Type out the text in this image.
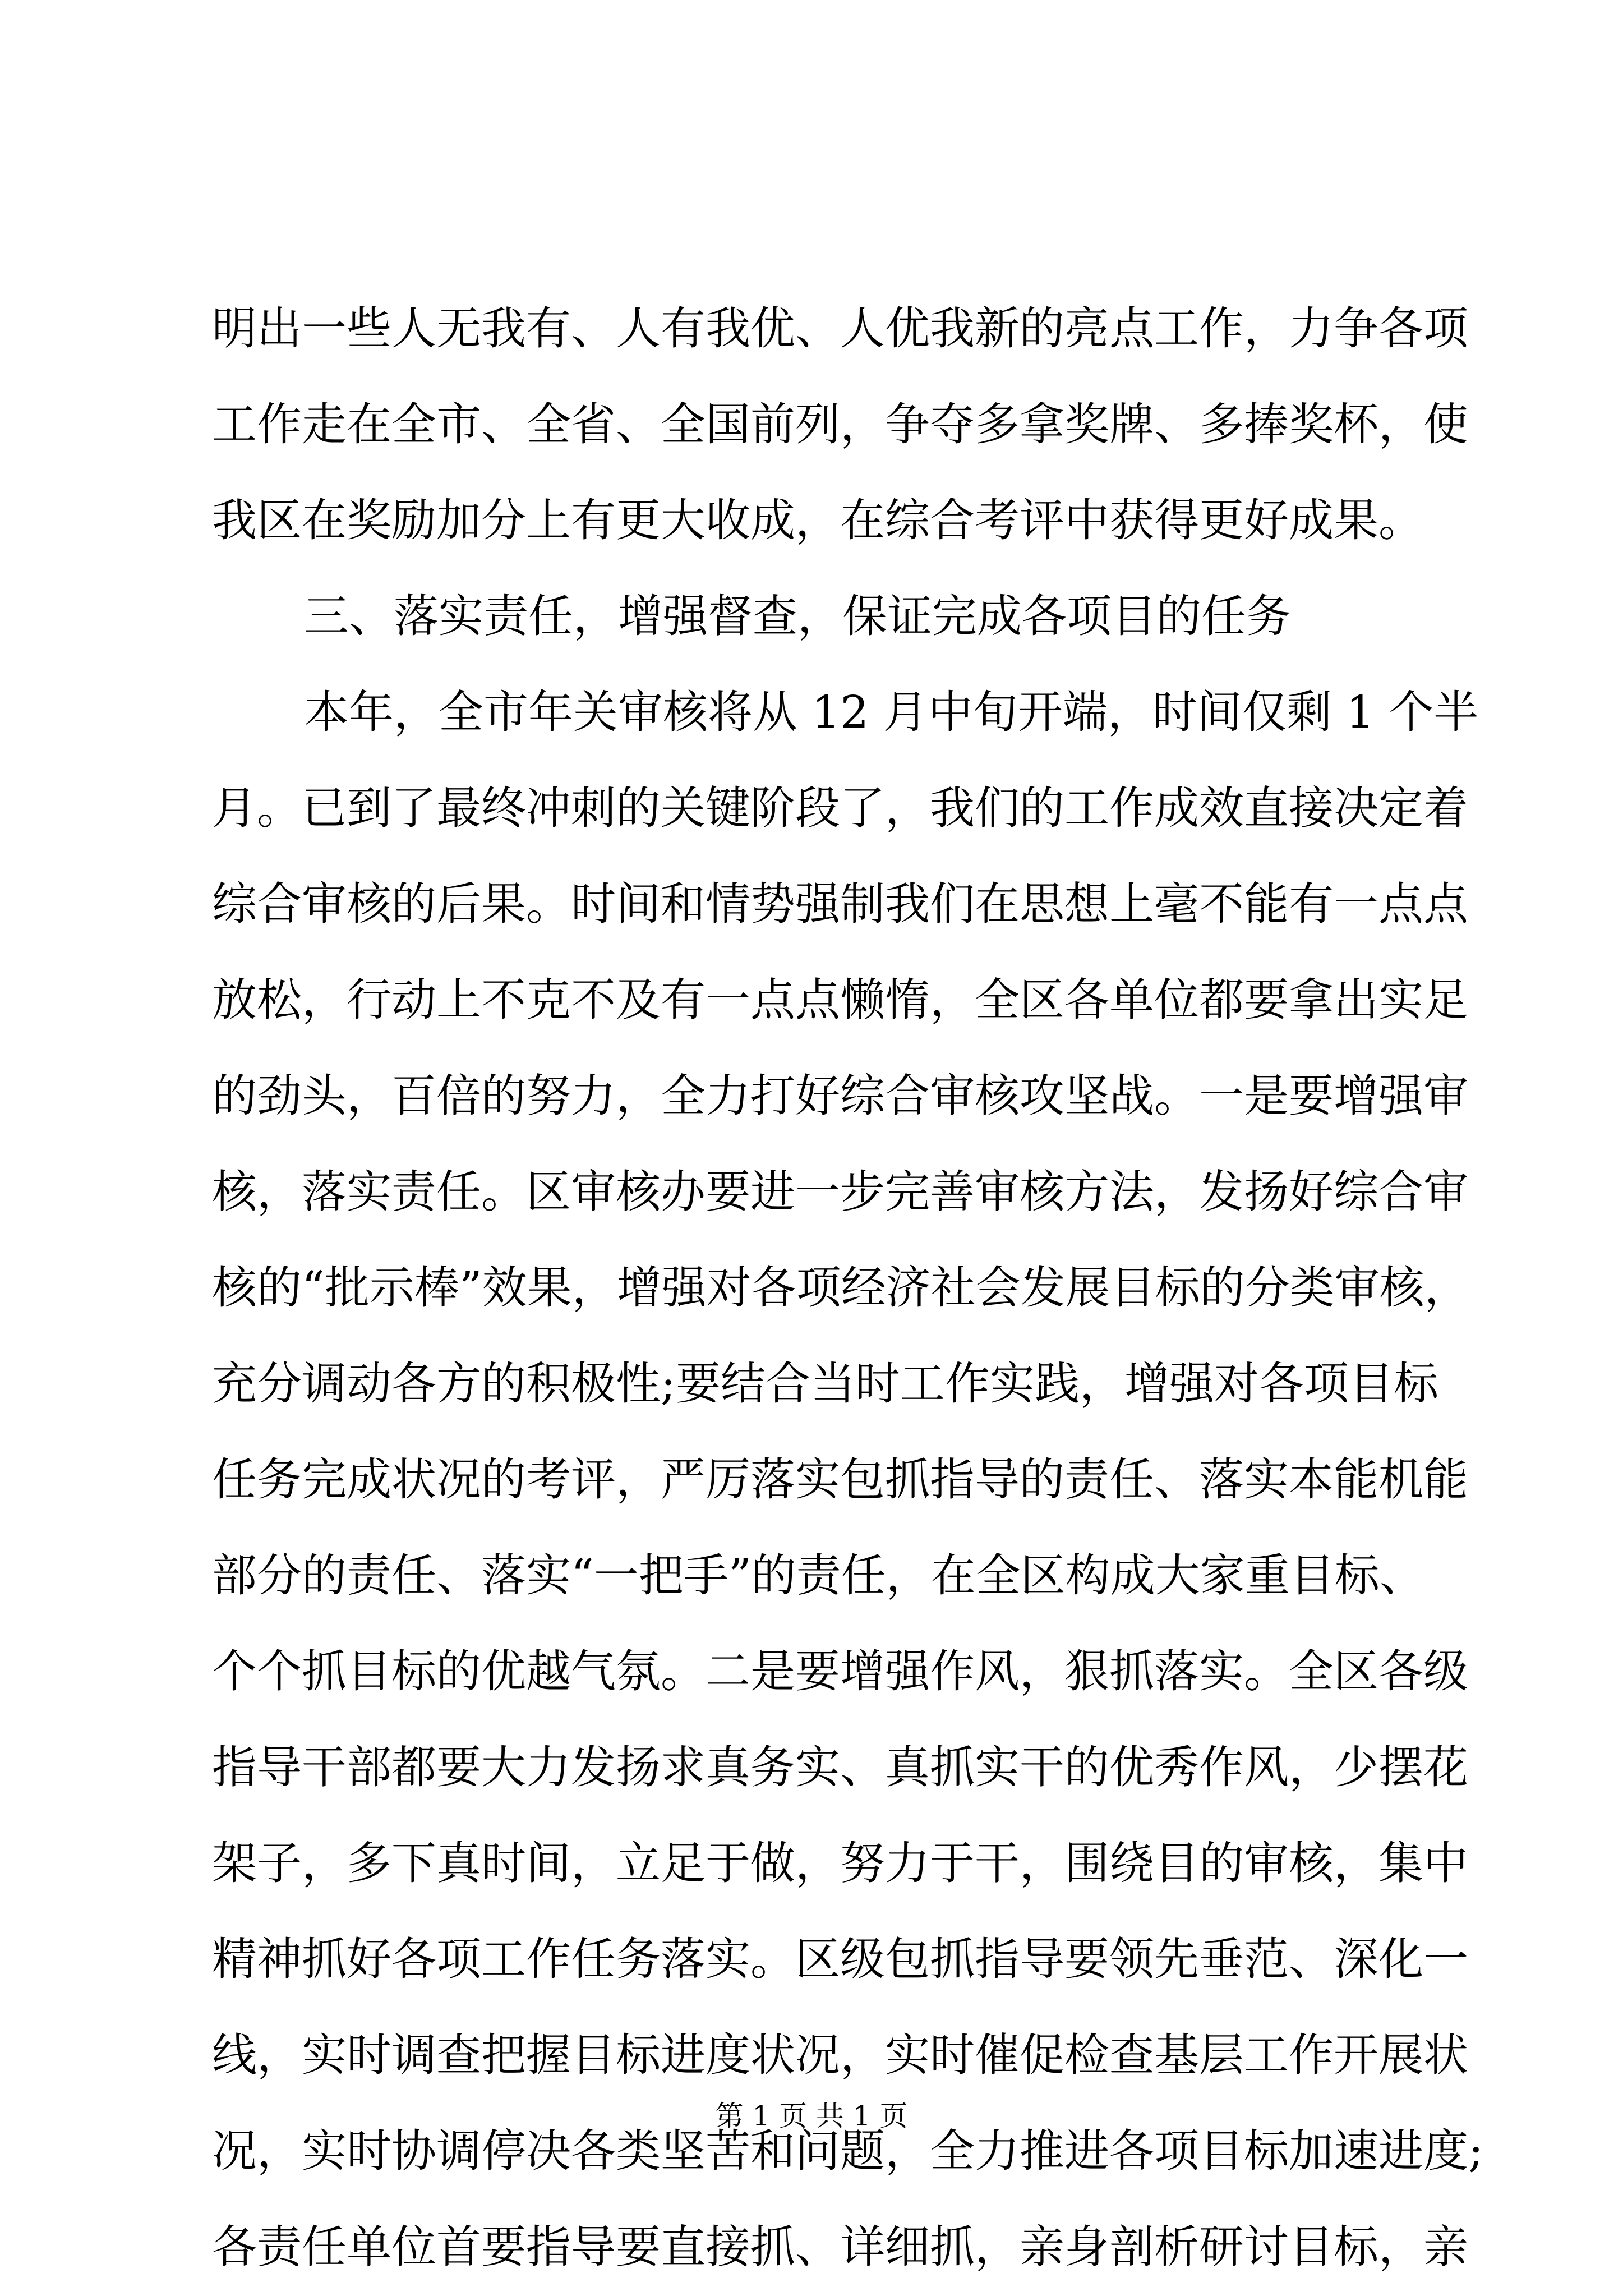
明出一些人无我有、人有我优、人优我新的亮点工作，力争各项
工作走在全市、全省、全国前列，争夺多拿奖牌、多捧奖杯，使
我区在奖励加分上有更大收成，在综合考评中获得更好成果。
三、落实责任，增强督查，保证完成各项目的任务
本年，全市年关审核将从 12 月中旬开端，时间仅剩 1 个半
月。已到了最终冲刺的关键阶段了，我们的工作成效直接决定着
综合审核的后果。时间和情势强制我们在思想上毫不能有一点点
放松，行动上不克不及有一点点懒惰，全区各单位都要拿出实足
的劲头，百倍的努力，全力打好综合审核攻坚战。一是要增强审
核，落实责任。区审核办要进一步完善审核方法，发扬好综合审
核的“批示棒”效果，增强对各项经济社会发展目标的分类审核，
充分调动各方的积极性;要结合当时工作实践，增强对各项目标
任务完成状况的考评，严厉落实包抓指导的责任、落实本能机能
部分的责任、落实“一把手”的责任，在全区构成大家重目标、
个个抓目标的优越气氛。二是要增强作风，狠抓落实。全区各级
指导干部都要大力发扬求真务实、真抓实干的优秀作风，少摆花
架子，多下真时间，立足于做，努力于干，围绕目的审核，集中
精神抓好各项工作任务落实。区级包抓指导要领先垂范、深化一
线，实时调查把握目标进度状况，实时催促检查基层工作开展状
况，实时协调停决各类坚苦和问题，全力推进各项目标加速进度;
各责任单位首要指导要直接抓、详细抓，亲身剖析研讨目标，亲
第 1 页 共 1 页
